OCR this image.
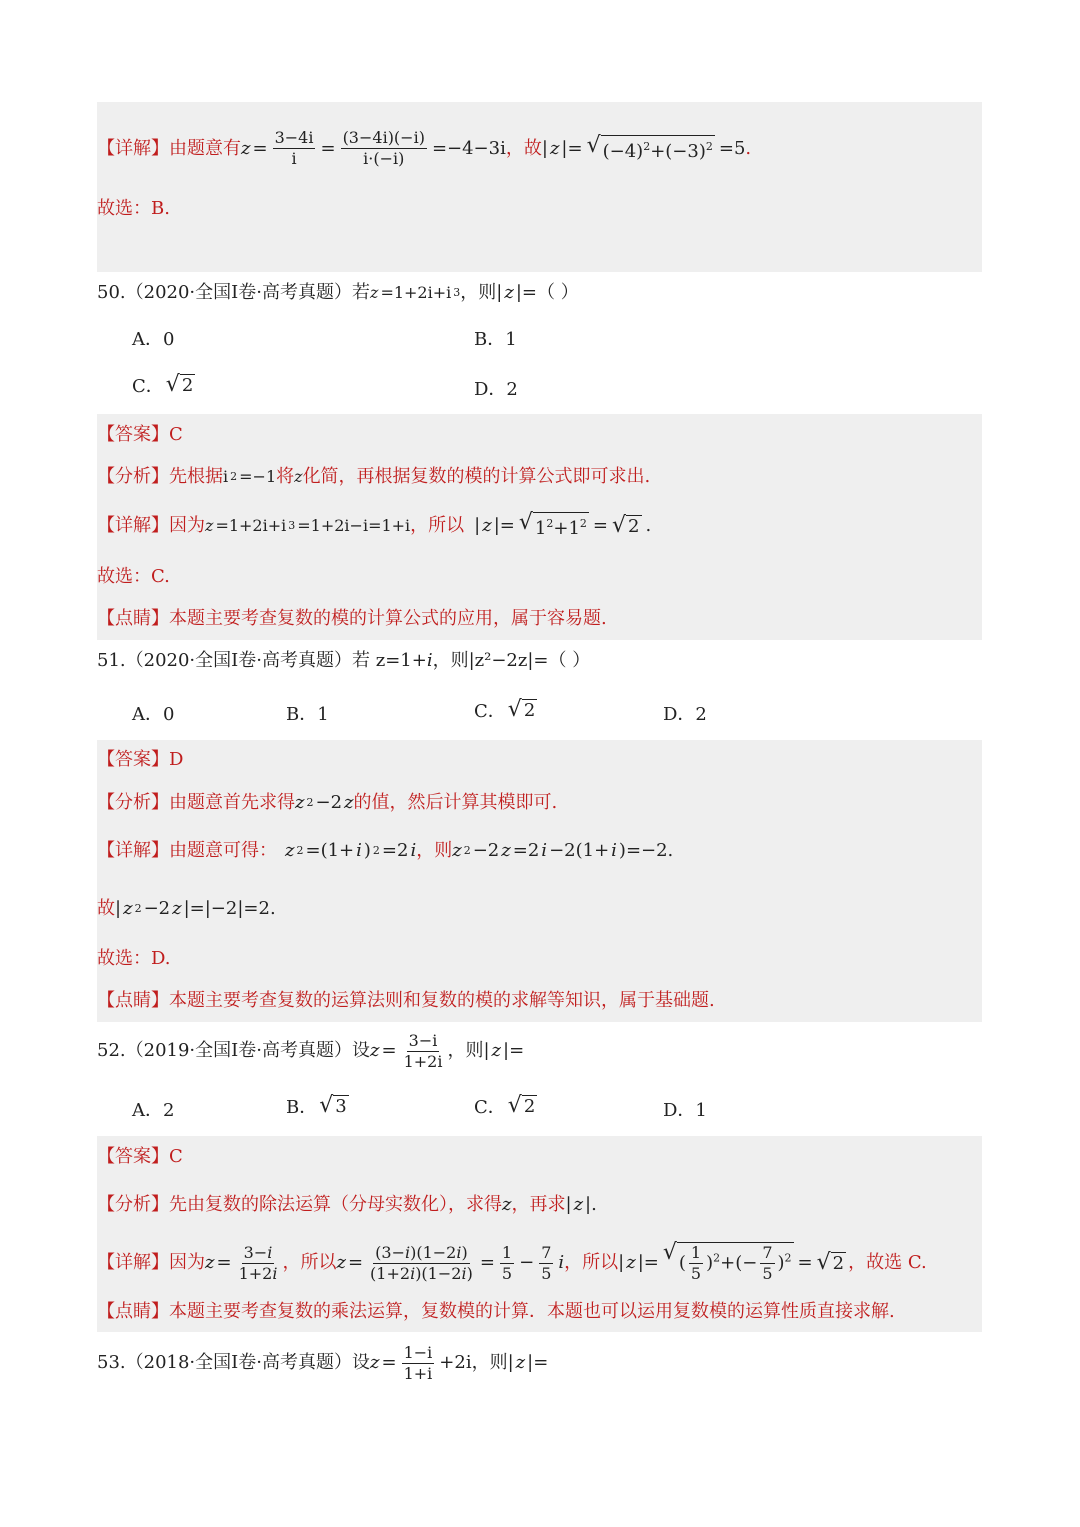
【详解】 由题意有 $z = \frac{3-4i}{i} = \frac{(3-4i)(-i)}{i\cdot(-i)} =-4-3i$ ，故 | z |= √ $(-4)^2+(-3)^2 =5$ .
故选：B.
50.（2020·全国Ⅰ卷·高考真题）若 z =1+2i+i 3 ，则 | z |= （ ）
A．0	B．1
C． √ 2	D．2
【答案】C
【分析】 先根据 i 2 =−1 将 z 化简，再根据复数的模的计算公式即可求出.
【详解】 因为 z =1+2i+i 3 =1+2i−i=1+i ，所以 | z |= √ $1^2+1^2$ = √ 2 .
故选：C.
【点睛】本题主要考查复数的模的计算公式的应用，属于容易题.
51.（2020·全国Ⅰ卷·高考真题）若 z=1+ i ，则|z²−2z|=（ ）
A．0	B．1	C． √ 2	D．2
【答案】D
【分析】 由题意首先求得 z 2 −2 z 的值，然后计算其模即可.
【详解】 由题意可得： z 2 =(1+ i ) 2 =2 i ，则 z 2 −2 z =2 i −2(1+ i )=−2.
故 | z 2 −2 z |=|−2|=2.
故选：D.
【点睛】本题主要考查复数的运算法则和复数的模的求解等知识，属于基础题.
52.（2019·全国Ⅰ卷·高考真题）设 $z = \frac{3-i}{1+2i}$ ，则 | z |=
A．2	B． √ 3	C． √ 2	D．1
【答案】C
【分析】 先由复数的除法运算（分母实数化），求得 z ，再求 | z |.
【详解】 因为 $z = \frac{3-i}{1+2i}$ ，所以 $z = \frac{(3-i)(1-2i)}{(1+2i)(1-2i)} = \frac{1}{5} - \frac{7}{5}$ i ，所以 | z |= √ ( $\frac{1}{5} )^2+(- \frac{7}{5} )^2$ = √ 2 ，故选 C.
【点睛】本题主要考查复数的乘法运算，复数模的计算．本题也可以运用复数模的运算性质直接求解.
53.（2018·全国Ⅰ卷·高考真题）设 $z = \frac{1-i}{1+i} +2i$ ，则 | z |=
